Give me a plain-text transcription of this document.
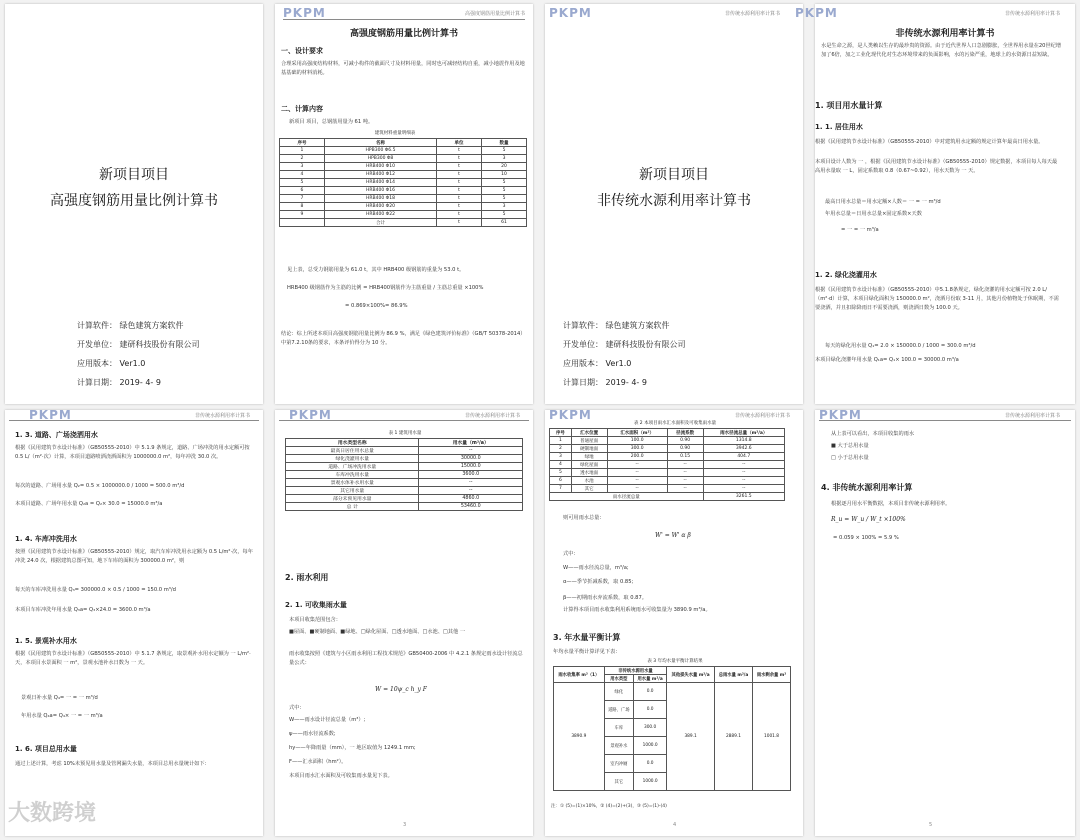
新项目项目
高强度钢筋用量比例计算书
计算软件： 绿色建筑方案软件
开发单位： 建研科技股份有限公司
应用版本： Ver1.0
计算日期： 2019- 4- 9
PKPM	高强度钢筋用量比例计算书
高强度钢筋用量比例计算书
一、设计要求
合理采用高强度结构材料，可减小构件的截面尺寸及材料用量，同时也可减轻结构自重，减小地震作用及地基基础的材料消耗。
二、计算内容
新项目 项目，总钢筋用量为 61 吨。
建筑材料重量明细表
序号	名称	单位	数量
1	HPB300 Φ6.5	t	5
2	HPB300 Φ8	t	3
3	HRB400 Φ10	t	20
4	HRB400 Φ12	t	10
5	HRB400 Φ14	t	5
6	HRB400 Φ16	t	5
7	HRB400 Φ18	t	5
8	HRB400 Φ20	t	3
9	HRB400 Φ22	t	5
	合计	t	61
见上表，总受力钢筋用量为 61.0 t，其中 HRB400 级钢筋的重量为 53.0 t。
HRB400 级钢筋作为主筋的比例 = HRB400钢筋作为主筋重量 / 主筋总重量 ×100%
= 0.869×100%= 86.9%
结论：综上所述本项目高强度钢筋用量比例为 86.9 %，满足《绿色建筑评价标准》（GB/T 50378-2014）中第7.2.10条的要求，本条评价得分为 10 分。
PKPM	非传统水源利用率计算书
新项目项目
非传统水源利用率计算书
计算软件： 绿色建筑方案软件
开发单位： 建研科技股份有限公司
应用版本： Ver1.0
计算日期： 2019- 4- 9
PKPM	非传统水源利用率计算书
非传统水源利用率计算书
水是生命之源，是人类赖以生存的最珍贵的资源。由于近代世界人口急剧膨胀，全世界用水量在20世纪增加了6倍，加之工业化现代化对生态环境带来的负面影响，水的污染严重，地球上的水资源日益短缺。
1. 项目用水量计算
1. 1. 居住用水
根据《民用建筑节水设计标准》（GB50555-2010）中对建筑用水定额的规定计算年最高日用水量。
本项目设计人数为 一 ，根据《民用建筑节水设计标准》（GB50555-2010）规定数据，本项目每人每天最高用水量取 一 L，固定系数取 0.8（0.67~0.92），用水天数为 一 天。
最高日用水总量＝用水定额×人数＝ 一 = 一 m³/d
年用水总量＝日用水总量×固定系数×天数
= 一 = 一 m³/a
1. 2. 绿化浇灌用水
根据《民用建筑节水设计标准》（GB50555-2010）中5.1.8条规定，绿化浇灌的用水定额可按 2.0 L/（m²·d）计算，本项目绿化面积为 150000.0 m²，浇洒月份取 3-11 月，其他月份植物处于休眠期，不需要浇洒，并且扣除降雨日不需要浇洒，则浇洒日数为 100.0 天。
每天的绿化用水量 Q₁= 2.0 × 150000.0 / 1000 = 300.0 m³/d
本项目绿化浇灌年用水量 Q₁a= Q₁× 100.0 = 30000.0 m³/a
PKPM	非传统水源利用率计算书
1. 3. 道路、广场浇洒用水
根据《民用建筑节水设计标准》（GB50555-2010）中 5.1.9 条规定，道路、广场冲洗的用水定额可按 0.5 L/（m²·次）计算，本项目道路喷洒浇洒面积为 1000000.0 m²，每年冲洗 30.0 次。
每次的道路、广场用水量 Q₂= 0.5 × 1000000.0 / 1000 = 500.0 m³/d
本项目道路、广场年用水量 Q₂a = Q₂× 30.0 = 15000.0 m³/a
1. 4. 车库冲洗用水
按照《民用建筑节水设计标准》（GB50555-2010）规定，取汽车库冲洗用水定额为 0.5 L/m²·次，每年冲洗 24.0 次，根据建筑总图可知，地下车库的面积为 300000.0 m²，则
每天的车库冲洗用水量 Q₃= 300000.0 × 0.5 / 1000 = 150.0 m³/d
本项目车库冲洗年用水量 Q₃a= Q₃×24.0 = 3600.0 m³/a
1. 5. 景观补水用水
根据《民用建筑节水设计标准》（GB50555-2010）中 5.1.7 条规定，取景观补水用水定额为 一 L/m²·天，本项目水景面积 一 m²，景观水池补水日数为 一 天。
景观日补水量 Q₄= 一 = 一 m³/d
年用水量 Q₄a= Q₄× 一 = 一 m³/a
1. 6. 项目总用水量
通过上述计算，考虑 10%未预见用水量及管网漏失水量，本项目总用水量统计如下：
PKPM	非传统水源利用率计算书
表 1 建筑用水量
用水类型名称	用水量（m³/a）
最高日居住用水总量	--
绿化浇灌用水量	30000.0
道路、广场冲洗用水量	15000.0
车库冲洗用水量	3600.0
景观水体补水用水量	--
其它用水量	--
部分未预见用水量	4860.0
总 计	53460.0
2. 雨水利用
2. 1. 可收集雨水量
本项目收集范围包含：
■屋面、■硬制地面、■绿地、□绿化屋面、□透水地面、□水池、□其他 一
雨水收集按照《建筑与小区雨水利用工程技术规范》GB50400-2006 中 4.2.1 条规定雨水设计径流总量公式：
W = 10ψ_c h_y F
式中：
W——雨水设计径流总量（m³）;
ψ——雨水径流系数;
hy——年降雨量（mm），一 地区取值为 1249.1 mm;
F——汇水面积（hm²）。
本项目雨水汇水面积及可收集雨水量见下表。
3
PKPM	非传统水源利用率计算书
表 2 本项目雨水汇水面积及可收集雨水量
序号	汇水位置	汇水面积（m²）	径流系数	雨水径流总量（m³/a）
1	普通屋面	100.0	0.90	1314.8
2	硬制地面	300.0	0.90	3942.6
3	绿地	200.0	0.15	404.7
4	绿化屋面	--	--	--
5	透水地面	--	--	--
6	水池	--	--	--
7	其它	--	--	--
雨水径流总量				3261.5
则可用雨水总量：
W' = W' α β
式中：
W——雨水径流总量，m³/a;
α——季节折减系数，取 0.85;
β——初期雨水弃流系数，取 0.87。
计算得本项目雨水收集利用系统雨水可收集量为 3890.9 m³/a。
3. 年水量平衡计算
年均水量平衡计算详见下表：
表 3 年均水量平衡计算结果
雨水收集率 m³（1）	非传统水源用水量		其他损失水量 m³/a	总雨水量 m³/a	雨水剩余量 m³
	用水类型	用水量 m³/a			
3890.9	绿化	0.0	389.1	2889.1	1001.8
	道路、广场	0.0			
	车库	300.0			
	景观补水	1000.0			
	室内冲厕	0.0			
	其它	1000.0			
注：① (5)=(1)×10%，② (4)=(2)+(3)，③ (5)=(1)-(4)
4
PKPM	非传统水源利用率计算书
从上表可以看出，本项目收集的雨水
■ 大于总用水量
□ 小于总用水量
4. 非传统水源利用率计算
根据逐月用水平衡数据，本项目非传统水源利用率。
R_u = W_u / W_t ×100%
= 0.059 × 100% = 5.9 %
5
大数跨境
